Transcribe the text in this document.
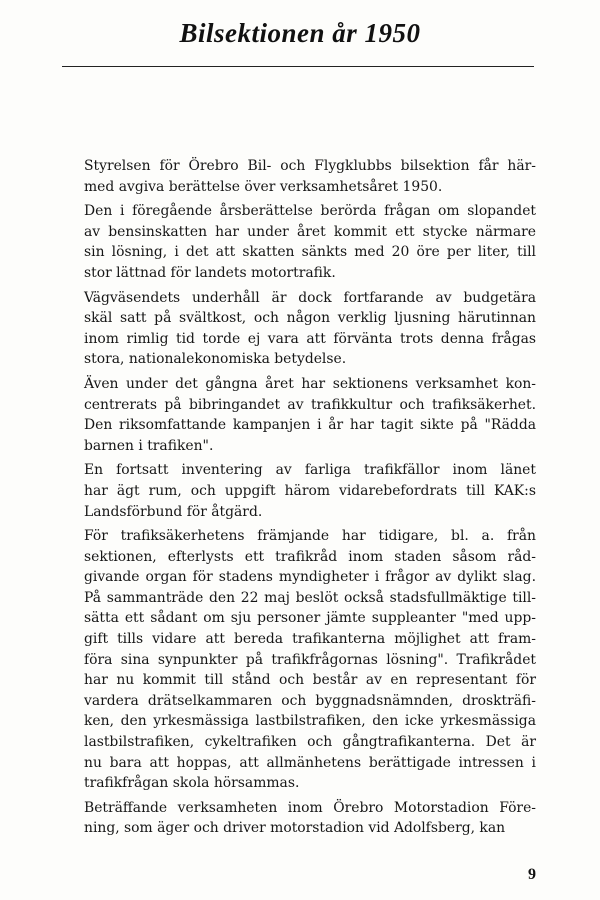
Bilsektionen år 1950

Styrelsen för Örebro Bil- och Flygklubbs bilsektion får här-
med avgiva berättelse över verksamhetsåret 1950.

Den i föregående årsberättelse berörda frågan om slopandet
av bensinskatten har under året kommit ett stycke närmare
sin lösning, i det att skatten sänkts med 20 öre per liter, till
stor lättnad för landets motortrafik.

Vägväsendets underhåll är dock fortfarande av budgetära
skäl satt på svältkost, och någon verklig ljusning härutinnan
inom rimlig tid torde ej vara att förvänta trots denna frågas
stora, nationalekonomiska betydelse.

Även under det gångna året har sektionens verksamhet kon-
centrerats på bibringandet av trafikkultur och trafiksäkerhet.
Den riksomfattande kampanjen i år har tagit sikte på "Rädda
barnen i trafiken".

En fortsatt inventering av farliga trafikfällor inom länet
har ägt rum, och uppgift härom vidarebefordrats till KAK:s
Landsförbund för åtgärd.

För trafiksäkerhetens främjande har tidigare, bl. a. från
sektionen, efterlysts ett trafikråd inom staden såsom råd-
givande organ för stadens myndigheter i frågor av dylikt slag.
På sammanträde den 22 maj beslöt också stadsfullmäktige till-
sätta ett sådant om sju personer jämte suppleanter "med upp-
gift tills vidare att bereda trafikanterna möjlighet att fram-
föra sina synpunkter på trafikfrågornas lösning". Trafikrådet
har nu kommit till stånd och består av en representant för
vardera drätselkammaren och byggnadsnämnden, droskträfi-
ken, den yrkesmässiga lastbilstrafiken, den icke yrkesmässiga
lastbilstrafiken, cykeltrafiken och gångtrafikanterna. Det är
nu bara att hoppas, att allmänhetens berättigade intressen i
trafikfrågan skola hörsammas.

Beträffande verksamheten inom Örebro Motorstadion Före-
ning, som äger och driver motorstadion vid Adolfsberg, kan

9
